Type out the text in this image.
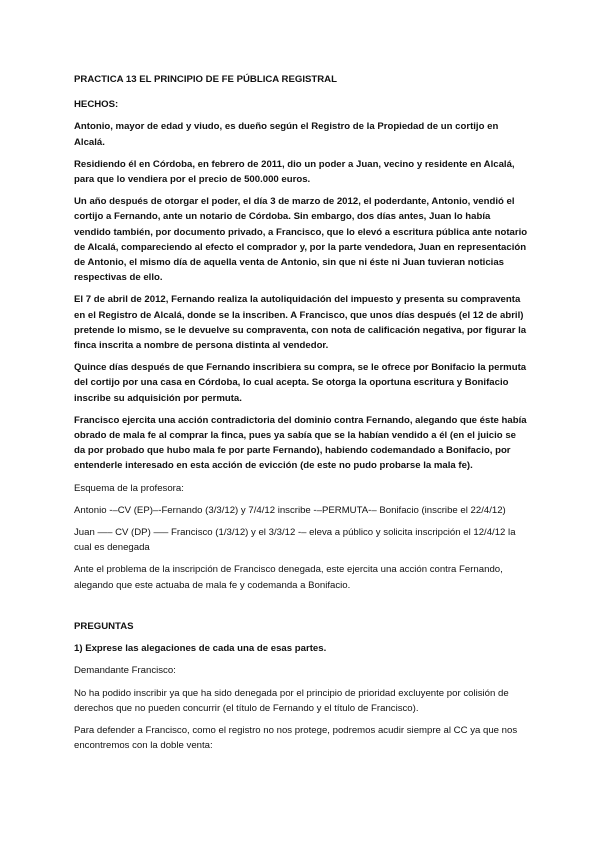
PRACTICA 13 EL PRINCIPIO DE FE PÚBLICA REGISTRAL

HECHOS:

Antonio, mayor de edad y viudo, es dueño según el Registro de la Propiedad de un cortijo en Alcalá.

Residiendo él en Córdoba, en febrero de 2011, dio un poder a Juan, vecino y residente en Alcalá, para que lo vendiera por el precio de 500.000 euros.

Un año después de otorgar el poder, el día 3 de marzo de 2012, el poderdante, Antonio, vendió el cortijo a Fernando, ante un notario de Córdoba. Sin embargo, dos días antes, Juan lo había vendido también, por documento privado, a Francisco, que lo elevó a escritura pública ante notario de Alcalá, compareciendo al efecto el comprador y, por la parte vendedora, Juan en representación de Antonio, el mismo día de aquella venta de Antonio, sin que ni éste ni Juan tuvieran noticias respectivas de ello.

El 7 de abril de 2012, Fernando realiza la autoliquidación del impuesto y presenta su compraventa en el Registro de Alcalá, donde se la inscriben. A Francisco, que unos días después (el 12 de abril) pretende lo mismo, se le devuelve su compraventa, con nota de calificación negativa, por figurar la finca inscrita a nombre de persona distinta al vendedor.

Quince días después de que Fernando inscribiera su compra, se le ofrece por Bonifacio la permuta del cortijo por una casa en Córdoba, lo cual acepta. Se otorga la oportuna escritura y Bonifacio inscribe su adquisición por permuta.

Francisco ejercita una acción contradictoria del dominio contra Fernando, alegando que éste había obrado de mala fe al comprar la finca, pues ya sabía que se la habían vendido a él (en el juicio se da por probado que hubo mala fe por parte Fernando), habiendo codemandado a Bonifacio, por entenderle interesado en esta acción de evicción (de este no pudo probarse la mala fe).

Esquema de la profesora:

Antonio -–CV (EP)–-Fernando (3/3/12) y 7/4/12 inscribe -–PERMUTA-– Bonifacio (inscribe el 22/4/12)

Juan —– CV (DP) —– Francisco (1/3/12) y el 3/3/12 -– eleva a público y solicita inscripción el 12/4/12 la cual es denegada

Ante el problema de la inscripción de Francisco denegada, este ejercita una acción contra Fernando, alegando que este actuaba de mala fe y codemanda a Bonifacio.

PREGUNTAS

1) Exprese las alegaciones de cada una de esas partes.

Demandante Francisco:

No ha podido inscribir ya que ha sido denegada por el principio de prioridad excluyente por colisión de derechos que no pueden concurrir (el título de Fernando y el título de Francisco).

Para defender a Francisco, como el registro no nos protege, podremos acudir siempre al CC ya que nos encontremos con la doble venta:
